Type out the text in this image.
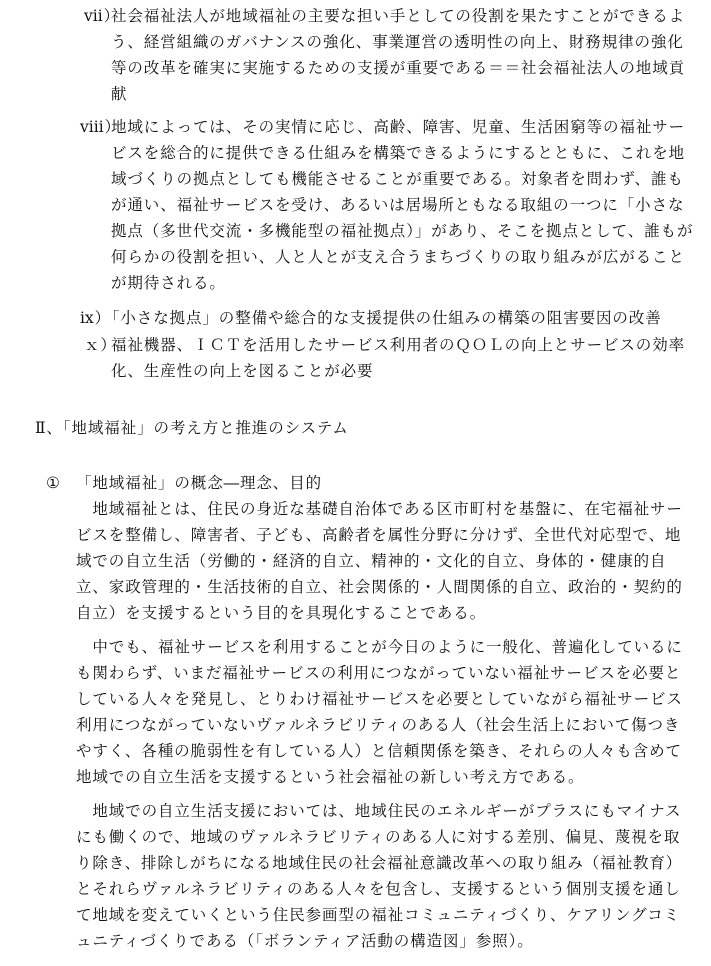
ⅶ）
社会福祉法人が地域福祉の主要な担い手としての役割を果たすことができるよ
う、経営組織のガバナンスの強化、事業運営の透明性の向上、財務規律の強化
等の改革を確実に実施するための支援が重要である＝＝社会福祉法人の地域貢
献
ⅷ）
地域によっては、その実情に応じ、高齢、障害、児童、生活困窮等の福祉サー
ビスを総合的に提供できる仕組みを構築できるようにするとともに、これを地
域づくりの拠点としても機能させることが重要である。対象者を問わず、誰も
が通い、福祉サービスを受け、あるいは居場所ともなる取組の一つに「小さな
拠点（多世代交流・多機能型の福祉拠点）」があり、そこを拠点として、誰もが
何らかの役割を担い、人と人とが支え合うまちづくりの取り組みが広がること
が期待される。
ⅸ）
「小さな拠点」の整備や総合的な支援提供の仕組みの構築の阻害要因の改善
ｘ）
福祉機器、ＩＣＴを活用したサービス利用者のＱＯＬの向上とサービスの効率
化、生産性の向上を図ることが必要
Ⅱ、「地域福祉」の考え方と推進のシステム
① 「地域福祉」の概念―理念、目的
　地域福祉とは、住民の身近な基礎自治体である区市町村を基盤に、在宅福祉サー
ビスを整備し、障害者、子ども、高齢者を属性分野に分けず、全世代対応型で、地
域での自立生活（労働的・経済的自立、精神的・文化的自立、身体的・健康的自
立、家政管理的・生活技術的自立、社会関係的・人間関係的自立、政治的・契約的
自立）を支援するという目的を具現化することである。
　中でも、福祉サービスを利用することが今日のように一般化、普遍化しているに
も関わらず、いまだ福祉サービスの利用につながっていない福祉サービスを必要と
している人々を発見し、とりわけ福祉サービスを必要としていながら福祉サービス
利用につながっていないヴァルネラビリティのある人（社会生活上において傷つき
やすく、各種の脆弱性を有している人）と信頼関係を築き、それらの人々も含めて
地域での自立生活を支援するという社会福祉の新しい考え方である。
　地域での自立生活支援においては、地域住民のエネルギーがプラスにもマイナス
にも働くので、地域のヴァルネラビリティのある人に対する差別、偏見、蔑視を取
り除き、排除しがちになる地域住民の社会福祉意識改革への取り組み（福祉教育）
とそれらヴァルネラビリティのある人々を包含し、支援するという個別支援を通し
て地域を変えていくという住民参画型の福祉コミュニティづくり、ケアリングコミ
ュニティづくりである（「ボランティア活動の構造図」参照）。
